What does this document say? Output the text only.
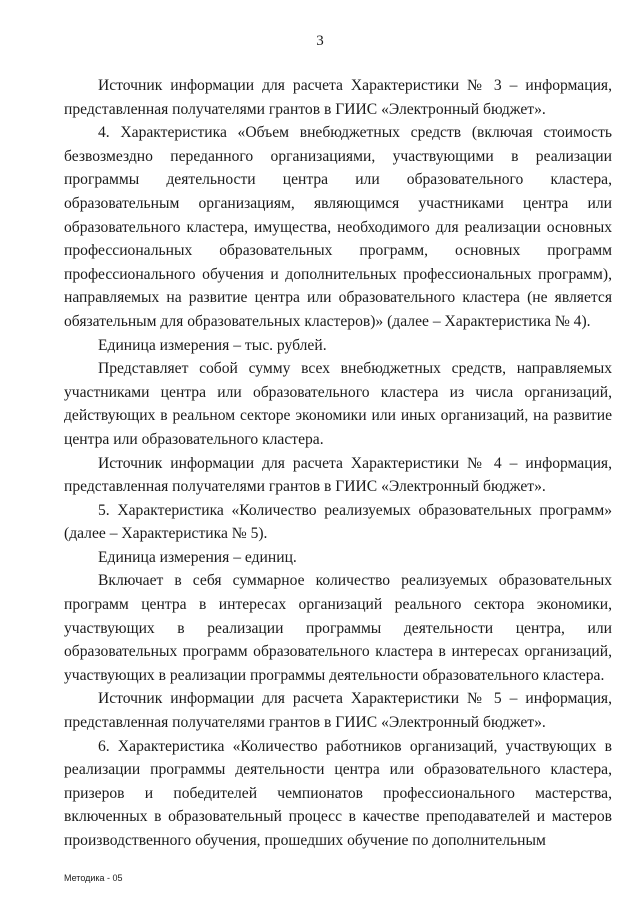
3

Источник информации для расчета Характеристики № 3 – информация, представленная получателями грантов в ГИИС «Электронный бюджет».

4. Характеристика «Объем внебюджетных средств (включая стоимость безвозмездно переданного организациями, участвующими в реализации программы деятельности центра или образовательного кластера, образовательным организациям, являющимся участниками центра или образовательного кластера, имущества, необходимого для реализации основных профессиональных образовательных программ, основных программ профессионального обучения и дополнительных профессиональных программ), направляемых на развитие центра или образовательного кластера (не является обязательным для образовательных кластеров)» (далее – Характеристика № 4).

Единица измерения – тыс. рублей.

Представляет собой сумму всех внебюджетных средств, направляемых участниками центра или образовательного кластера из числа организаций, действующих в реальном секторе экономики или иных организаций, на развитие центра или образовательного кластера.

Источник информации для расчета Характеристики № 4 – информация, представленная получателями грантов в ГИИС «Электронный бюджет».

5. Характеристика «Количество реализуемых образовательных программ» (далее – Характеристика № 5).

Единица измерения – единиц.

Включает в себя суммарное количество реализуемых образовательных программ центра в интересах организаций реального сектора экономики, участвующих в реализации программы деятельности центра, или образовательных программ образовательного кластера в интересах организаций, участвующих в реализации программы деятельности образовательного кластера.

Источник информации для расчета Характеристики № 5 – информация, представленная получателями грантов в ГИИС «Электронный бюджет».

6. Характеристика «Количество работников организаций, участвующих в реализации программы деятельности центра или образовательного кластера, призеров и победителей чемпионатов профессионального мастерства, включенных в образовательный процесс в качестве преподавателей и мастеров производственного обучения, прошедших обучение по дополнительным

Методика - 05
